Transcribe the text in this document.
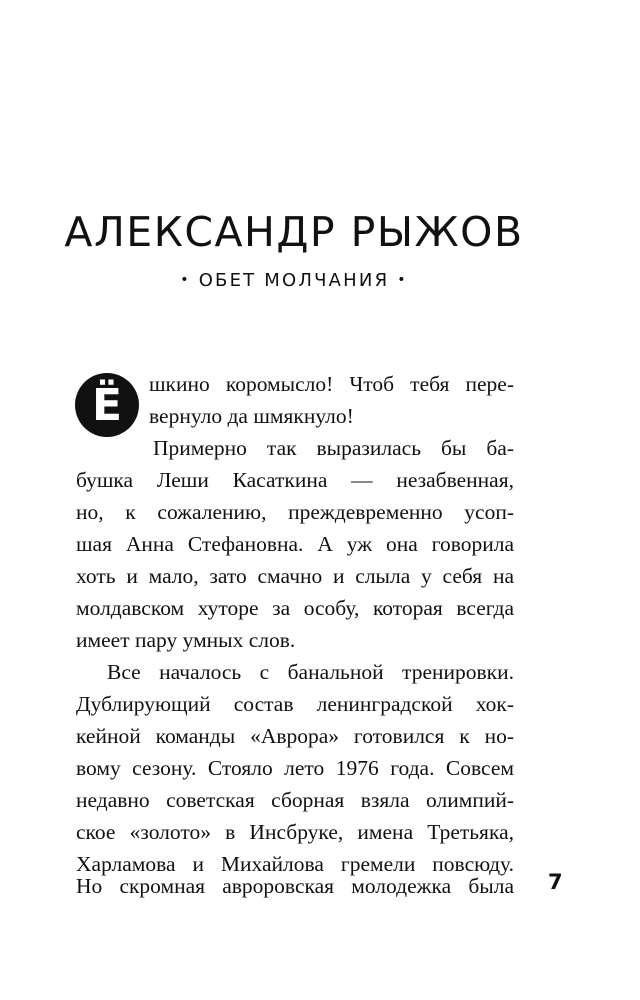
АЛЕКСАНДР РЫЖОВ
• ОБЕТ МОЛЧАНИЯ •
Ё	шкино коромысло! Чтоб тебя пере-
вернуло да шмякнуло!
Примерно так выразилась бы ба-
бушка Леши Касаткина — незабвенная,
но, к сожалению, преждевременно усоп-
шая Анна Стефановна. А уж она говорила
хоть и мало, зато смачно и слыла у себя на
молдавском хуторе за особу, которая всегда
имеет пару умных слов.
Все началось с банальной тренировки.
Дублирующий состав ленинградской хок-
кейной команды «Аврора» готовился к но-
вому сезону. Стояло лето 1976 года. Совсем
недавно советская сборная взяла олимпий-
ское «золото» в Инсбруке, имена Третьяка,
Харламова и Михайлова гремели повсюду.
Но скромная авроровская молодежка была 7
